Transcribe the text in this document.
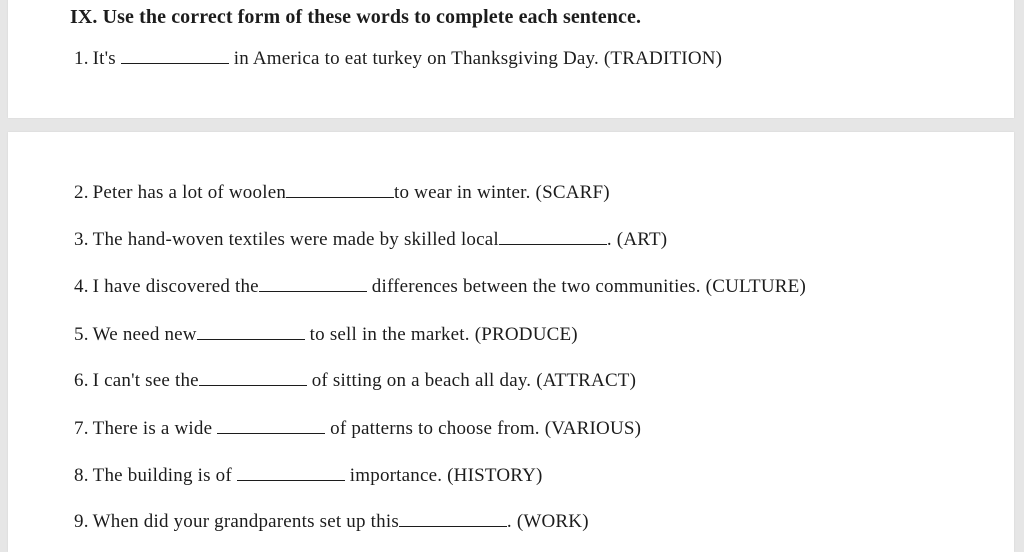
IX. Use the correct form of these words to complete each sentence.
1. It's	in America to eat turkey on Thanksgiving Day. (TRADITION)
2. Peter has a lot of woolen	to wear in winter. (SCARF)
3. The hand-woven textiles were made by skilled local	. (ART)
4. I have discovered the	differences between the two communities. (CULTURE)
5. We need new	to sell in the market. (PRODUCE)
6. I can't see the	of sitting on a beach all day. (ATTRACT)
7. There is a wide	of patterns to choose from. (VARIOUS)
8. The building is of	importance. (HISTORY)
9. When did your grandparents set up this	. (WORK)
